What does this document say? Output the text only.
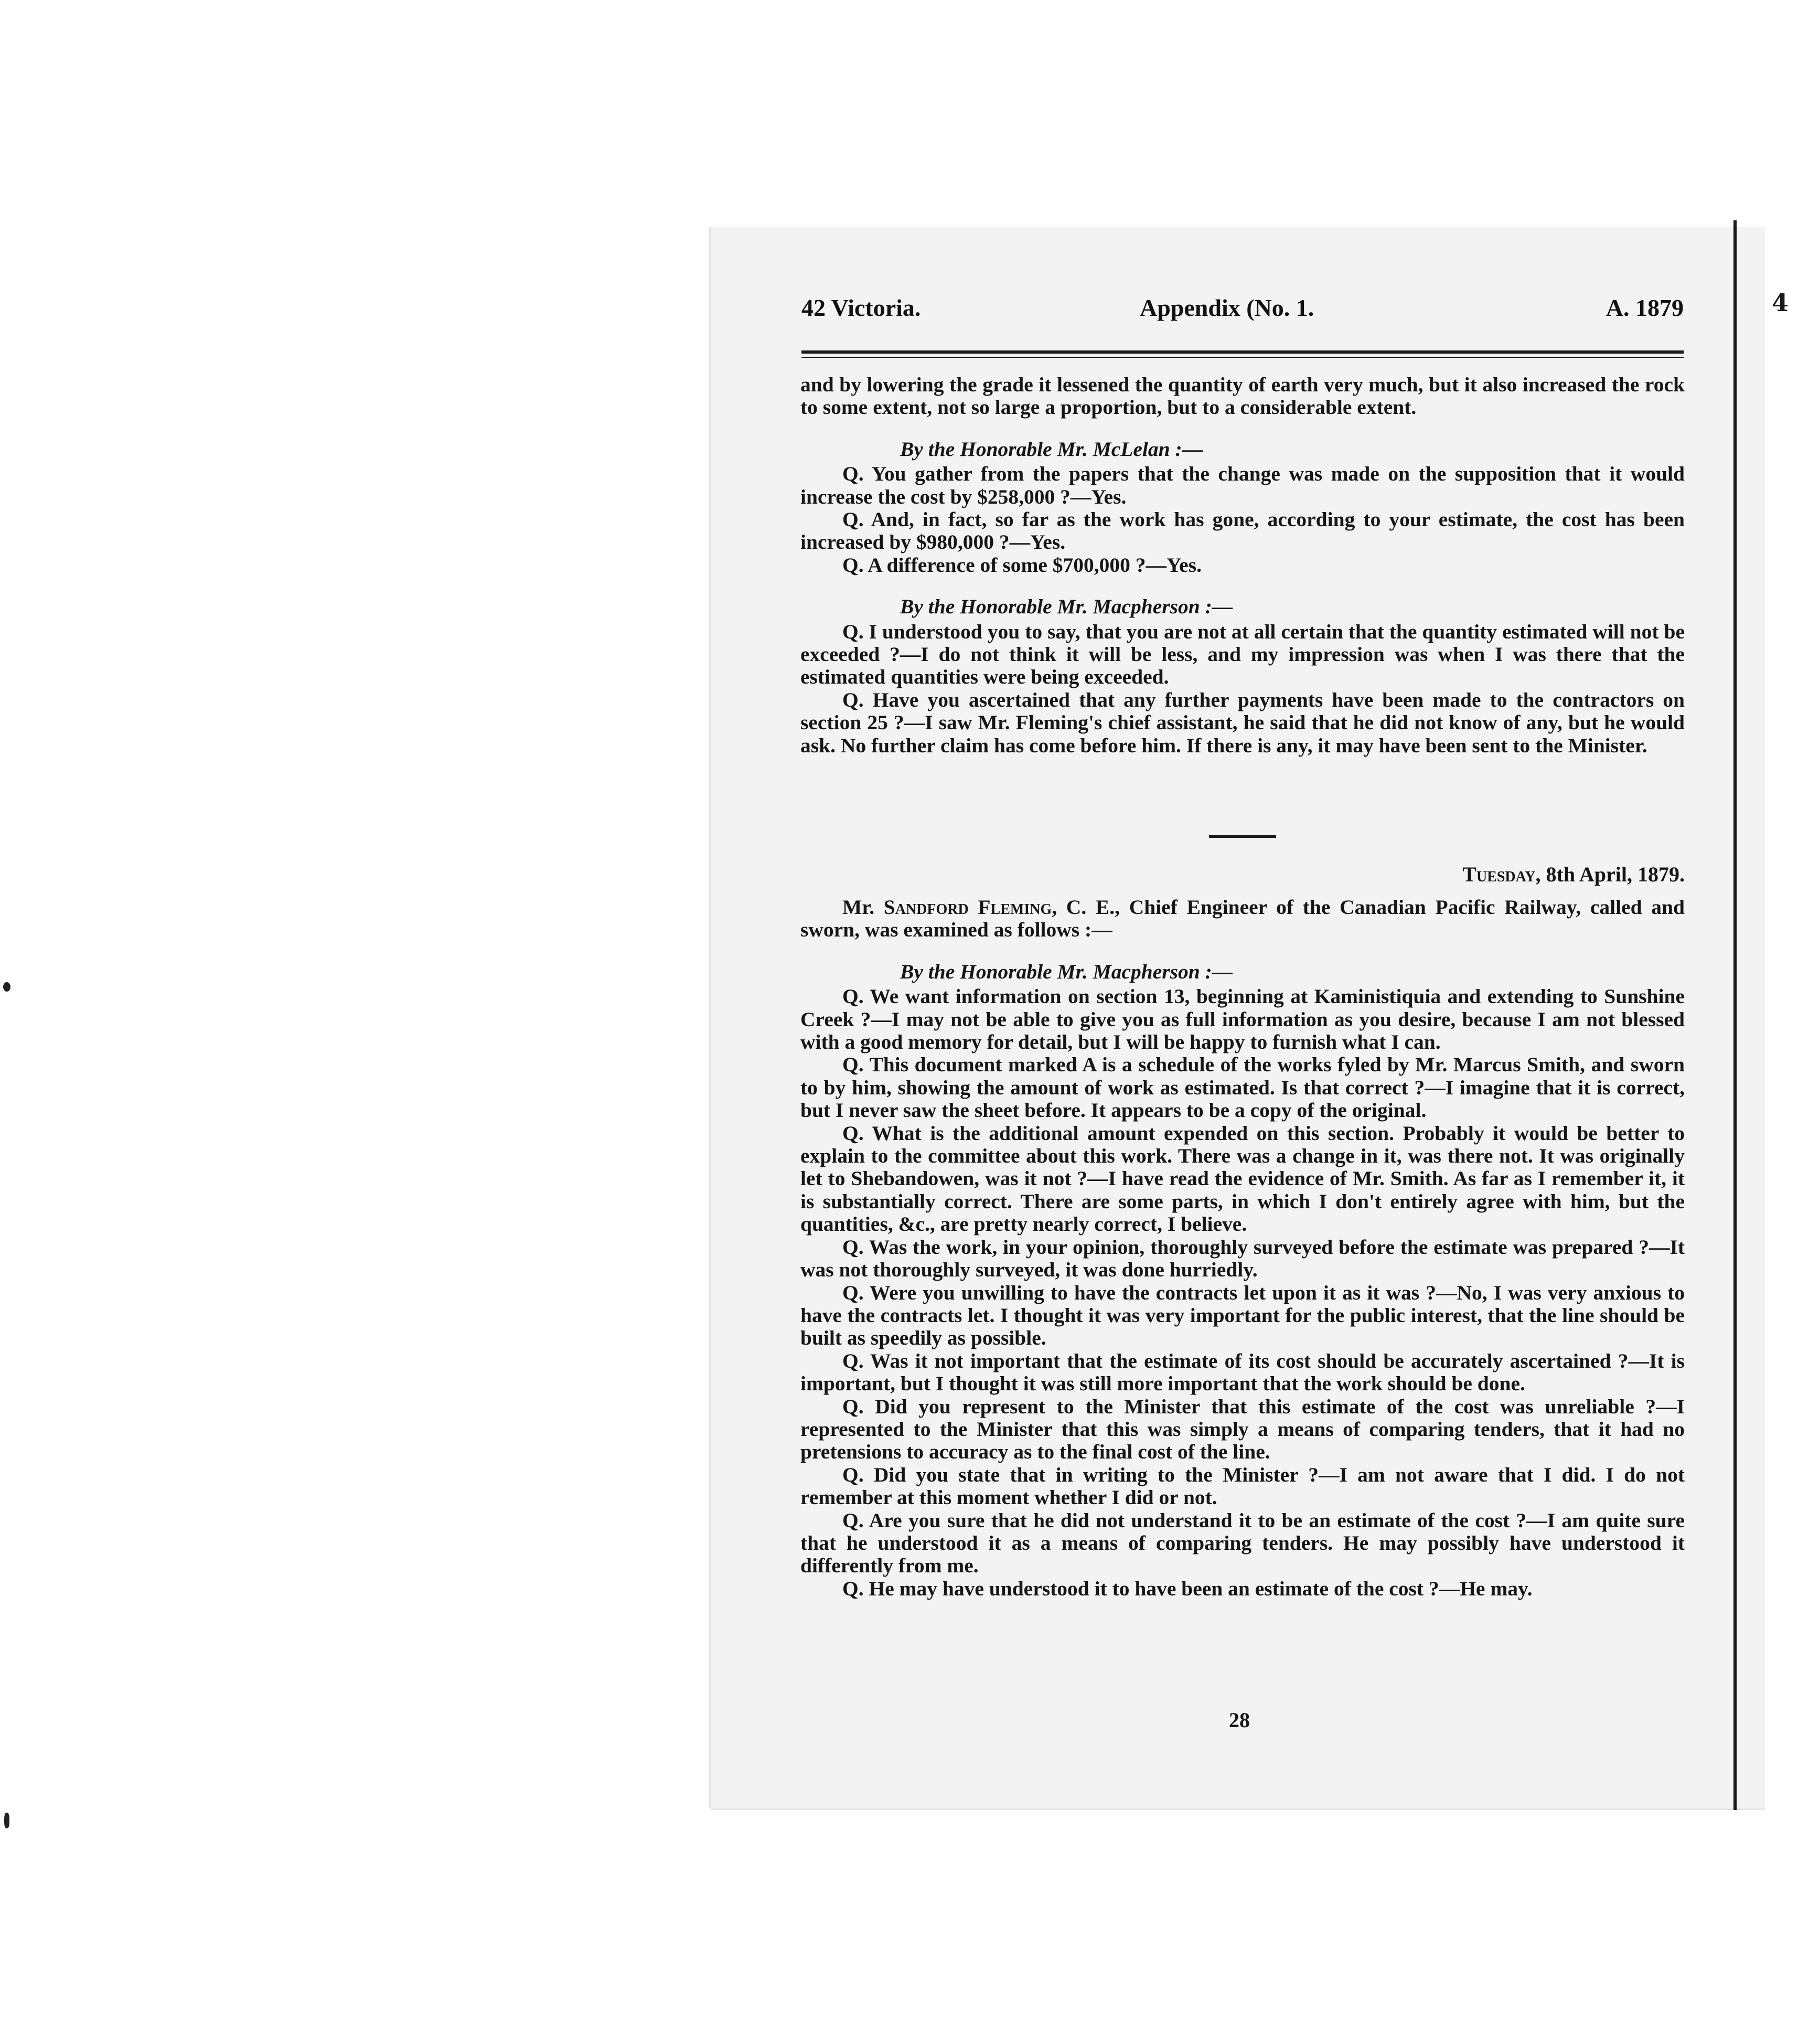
4
42 Victoria.	Appendix (No. 1.	A. 1879

and by lowering the grade it lessened the quantity of earth very much, but it also increased the rock to some extent, not so large a proportion, but to a considerable extent.

By the Honorable Mr. McLelan :—

Q. You gather from the papers that the change was made on the supposition that it would increase the cost by $258,000 ?—Yes.

Q. And, in fact, so far as the work has gone, according to your estimate, the cost has been increased by $980,000 ?—Yes.

Q. A difference of some $700,000 ?—Yes.

By the Honorable Mr. Macpherson :—

Q. I understood you to say, that you are not at all certain that the quantity estimated will not be exceeded ?—I do not think it will be less, and my impression was when I was there that the estimated quantities were being exceeded.

Q. Have you ascertained that any further payments have been made to the contractors on section 25 ?—I saw Mr. Fleming's chief assistant, he said that he did not know of any, but he would ask. No further claim has come before him. If there is any, it may have been sent to the Minister.

Tuesday, 8th April, 1879.

Mr. Sandford Fleming, C. E., Chief Engineer of the Canadian Pacific Railway, called and sworn, was examined as follows :—

By the Honorable Mr. Macpherson :—

Q. We want information on section 13, beginning at Kaministiquia and extending to Sunshine Creek ?—I may not be able to give you as full information as you desire, because I am not blessed with a good memory for detail, but I will be happy to furnish what I can.

Q. This document marked A is a schedule of the works fyled by Mr. Marcus Smith, and sworn to by him, showing the amount of work as estimated. Is that correct ?—I imagine that it is correct, but I never saw the sheet before. It appears to be a copy of the original.

Q. What is the additional amount expended on this section. Probably it would be better to explain to the committee about this work. There was a change in it, was there not. It was originally let to Shebandowen, was it not ?—I have read the evidence of Mr. Smith. As far as I remember it, it is substantially correct. There are some parts, in which I don't entirely agree with him, but the quantities, &c., are pretty nearly correct, I believe.

Q. Was the work, in your opinion, thoroughly surveyed before the estimate was prepared ?—It was not thoroughly surveyed, it was done hurriedly.

Q. Were you unwilling to have the contracts let upon it as it was ?—No, I was very anxious to have the contracts let. I thought it was very important for the public interest, that the line should be built as speedily as possible.

Q. Was it not important that the estimate of its cost should be accurately ascertained ?—It is important, but I thought it was still more important that the work should be done.

Q. Did you represent to the Minister that this estimate of the cost was unreliable ?—I represented to the Minister that this was simply a means of comparing tenders, that it had no pretensions to accuracy as to the final cost of the line.

Q. Did you state that in writing to the Minister ?—I am not aware that I did. I do not remember at this moment whether I did or not.

Q. Are you sure that he did not understand it to be an estimate of the cost ?—I am quite sure that he understood it as a means of comparing tenders. He may possibly have understood it differently from me.

Q. He may have understood it to have been an estimate of the cost ?—He may.

28
